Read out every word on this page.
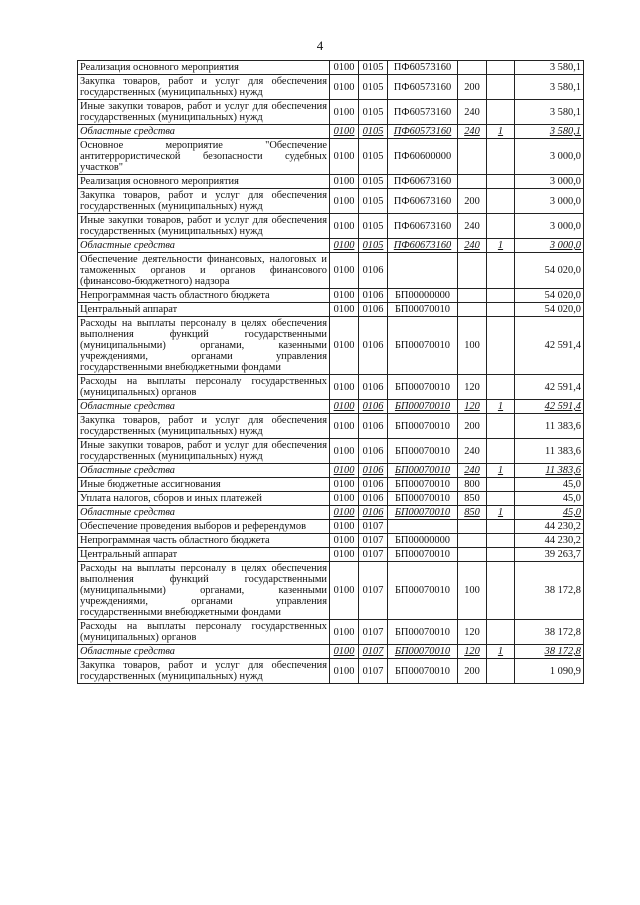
4
Реализация основного мероприятия	0100	0105	ПФ60573160			3 580,1
Закупка товаров, работ и услуг для обеспечения государственных (муниципальных) нужд	0100	0105	ПФ60573160	200		3 580,1
Иные закупки товаров, работ и услуг для обеспечения государственных (муниципальных) нужд	0100	0105	ПФ60573160	240		3 580,1
Областные средства	0100	0105	ПФ60573160	240	1	3 580,1
Основное мероприятие "Обеспечение антитеррористической безопасности судебных участков"	0100	0105	ПФ60600000			3 000,0
Реализация основного мероприятия	0100	0105	ПФ60673160			3 000,0
Закупка товаров, работ и услуг для обеспечения государственных (муниципальных) нужд	0100	0105	ПФ60673160	200		3 000,0
Иные закупки товаров, работ и услуг для обеспечения государственных (муниципальных) нужд	0100	0105	ПФ60673160	240		3 000,0
Областные средства	0100	0105	ПФ60673160	240	1	3 000,0
Обеспечение деятельности финансовых, налоговых и таможенных органов и органов финансового (финансово-бюджетного) надзора	0100	0106				54 020,0
Непрограммная часть областного бюджета	0100	0106	БП00000000			54 020,0
Центральный аппарат	0100	0106	БП00070010			54 020,0
Расходы на выплаты персоналу в целях обеспечения выполнения функций государственными (муниципальными) органами, казенными учреждениями, органами управления государственными внебюджетными фондами	0100	0106	БП00070010	100		42 591,4
Расходы на выплаты персоналу государственных (муниципальных) органов	0100	0106	БП00070010	120		42 591,4
Областные средства	0100	0106	БП00070010	120	1	42 591,4
Закупка товаров, работ и услуг для обеспечения государственных (муниципальных) нужд	0100	0106	БП00070010	200		11 383,6
Иные закупки товаров, работ и услуг для обеспечения государственных (муниципальных) нужд	0100	0106	БП00070010	240		11 383,6
Областные средства	0100	0106	БП00070010	240	1	11 383,6
Иные бюджетные ассигнования	0100	0106	БП00070010	800		45,0
Уплата налогов, сборов и иных платежей	0100	0106	БП00070010	850		45,0
Областные средства	0100	0106	БП00070010	850	1	45,0
Обеспечение проведения выборов и референдумов	0100	0107				44 230,2
Непрограммная часть областного бюджета	0100	0107	БП00000000			44 230,2
Центральный аппарат	0100	0107	БП00070010			39 263,7
Расходы на выплаты персоналу в целях обеспечения выполнения функций государственными (муниципальными) органами, казенными учреждениями, органами управления государственными внебюджетными фондами	0100	0107	БП00070010	100		38 172,8
Расходы на выплаты персоналу государственных (муниципальных) органов	0100	0107	БП00070010	120		38 172,8
Областные средства	0100	0107	БП00070010	120	1	38 172,8
Закупка товаров, работ и услуг для обеспечения государственных (муниципальных) нужд	0100	0107	БП00070010	200		1 090,9
